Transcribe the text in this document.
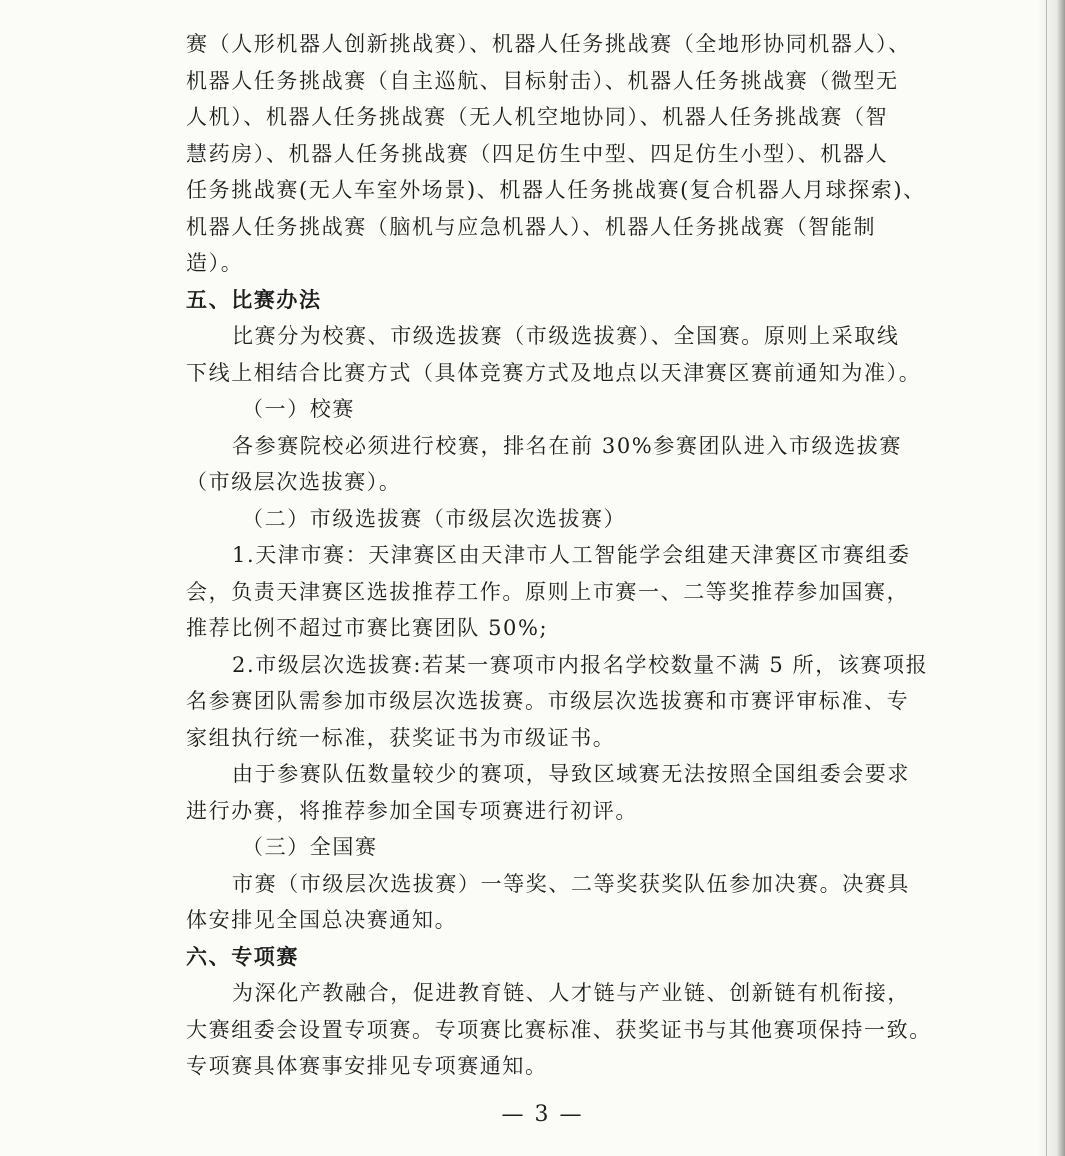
赛（人形机器人创新挑战赛）、机器人任务挑战赛（全地形协同机器人）、
机器人任务挑战赛（自主巡航、目标射击）、机器人任务挑战赛（微型无
人机）、机器人任务挑战赛（无人机空地协同）、机器人任务挑战赛（智
慧药房）、机器人任务挑战赛（四足仿生中型、四足仿生小型）、机器人
任务挑战赛(无人车室外场景)、机器人任务挑战赛(复合机器人月球探索)、
机器人任务挑战赛（脑机与应急机器人）、机器人任务挑战赛（智能制
造）。
五、比赛办法
比赛分为校赛、市级选拔赛（市级选拔赛）、全国赛。原则上采取线
下线上相结合比赛方式（具体竞赛方式及地点以天津赛区赛前通知为准）。
（一）校赛
各参赛院校必须进行校赛，排名在前 30%参赛团队进入市级选拔赛
（市级层次选拔赛）。
（二）市级选拔赛（市级层次选拔赛）
1.天津市赛：天津赛区由天津市人工智能学会组建天津赛区市赛组委
会，负责天津赛区选拔推荐工作。原则上市赛一、二等奖推荐参加国赛，
推荐比例不超过市赛比赛团队 50%;
2.市级层次选拔赛:若某一赛项市内报名学校数量不满 5 所，该赛项报
名参赛团队需参加市级层次选拔赛。市级层次选拔赛和市赛评审标准、专
家组执行统一标准，获奖证书为市级证书。
由于参赛队伍数量较少的赛项，导致区域赛无法按照全国组委会要求
进行办赛，将推荐参加全国专项赛进行初评。
（三）全国赛
市赛（市级层次选拔赛）一等奖、二等奖获奖队伍参加决赛。决赛具
体安排见全国总决赛通知。
六、专项赛
为深化产教融合，促进教育链、人才链与产业链、创新链有机衔接，
大赛组委会设置专项赛。专项赛比赛标准、获奖证书与其他赛项保持一致。
专项赛具体赛事安排见专项赛通知。
— 3 —
